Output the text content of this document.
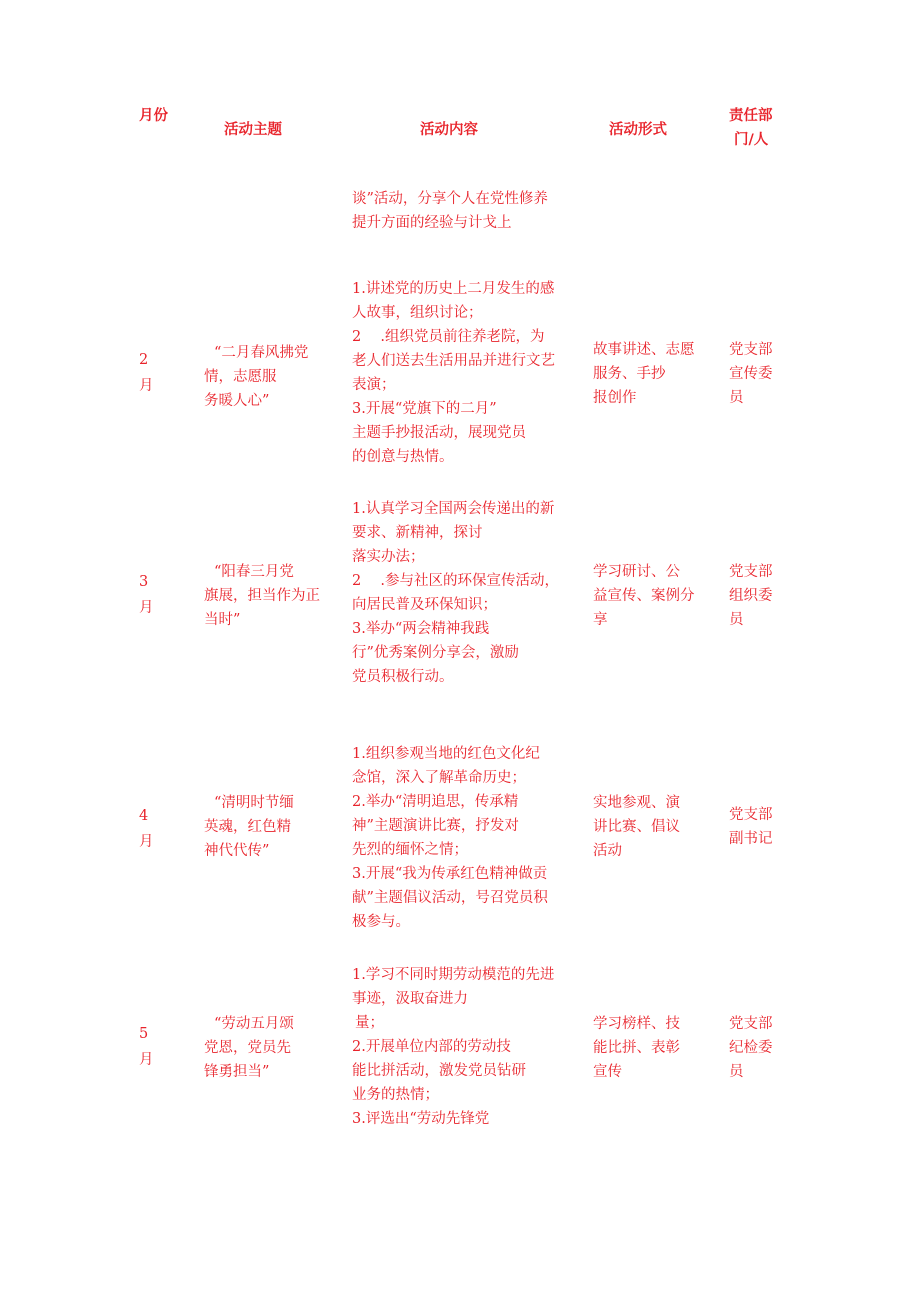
月份
活动主题	活动内容	活动形式
责任部
门/人
谈”活动，分享个人在党性修养
提升方面的经验与计戈上
2
月
“二月春风拂党
情，志愿服
务暖人心”
1.讲述党的历史上二月发生的感
人故事，组织讨论；
2　 .组织党员前往养老院，为
老人们送去生活用品并进行文艺
表演；
3.开展“党旗下的二月”
主题手抄报活动，展现党员
的创意与热情。
故事讲述、志愿
服务、手抄
报创作
党支部
宣传委
员
3
月
“阳春三月党
旗展，担当作为正
当时”
1.认真学习全国两会传递出的新
要求、新精神，探讨
落实办法；
2　 .参与社区的环保宣传活动，
向居民普及环保知识；
3.举办“两会精神我践
行”优秀案例分享会，激励
党员积极行动。
学习研讨、公
益宣传、案例分
享
党支部
组织委
员
4
月
“清明时节缅
英魂，红色精
神代代传”
1.组织参观当地的红色文化纪
念馆，深入了解革命历史；
2.举办“清明追思，传承精
神”主题演讲比赛，抒发对
先烈的缅怀之情；
3.开展“我为传承红色精神做贡
献”主题倡议活动，号召党员积
极参与。
实地参观、演
讲比赛、倡议
活动
党支部
副书记
5
月
“劳动五月颂
党恩，党员先
锋勇担当”
1.学习不同时期劳动模范的先进
事迹，汲取奋进力
量；
2.开展单位内部的劳动技
能比拼活动，激发党员钻研
业务的热情；
3.评选出“劳动先锋党
学习榜样、技
能比拼、表彰
宣传
党支部
纪检委
员
